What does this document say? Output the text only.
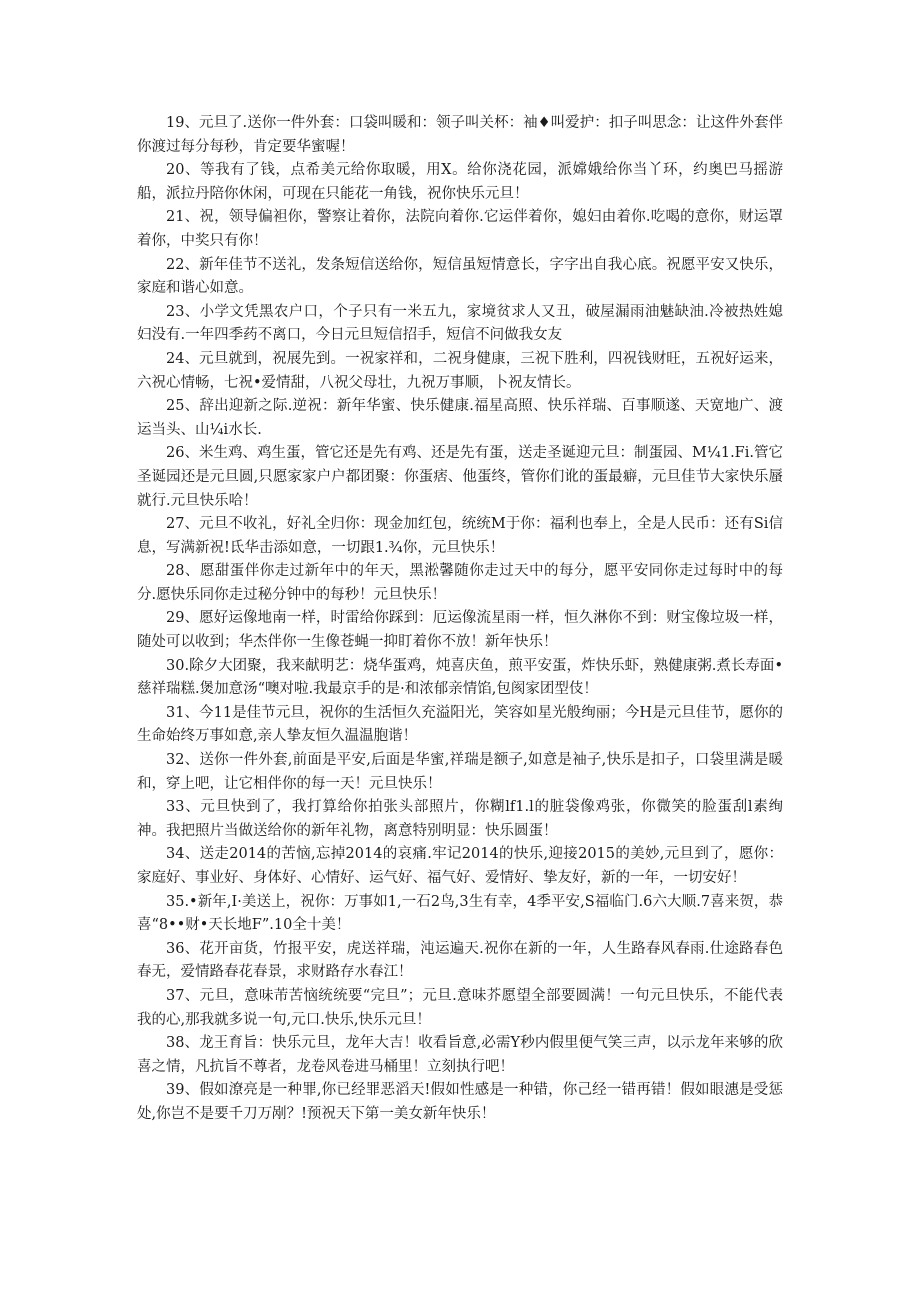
19、元旦了.送你一件外套：口袋叫暖和：领子叫关杯：袖♦叫爱护：扣子叫思念：让这件外套伴你渡过每分每秒，肯定要华蜜喔！

20、等我有了钱，点希美元给你取暖，用X。给你浇花园，派嫦娥给你当丫环，约奥巴马摇游船，派拉丹陪你休闲，可现在只能花一角钱，祝你快乐元旦！

21、祝，领导偏袒你，警察让着你，法院向着你.它运伴着你，媳妇由着你.吃喝的意你，财运罩着你，中奖只有你！

22、新年佳节不送礼，发条短信送给你，短信虽短情意长，字字出自我心底。祝愿平安又快乐，家庭和谐心如意。

23、小学文凭黑农户口，个子只有一米五九，家境贫求人又丑，破屋漏雨油魅缺油.冷被热姓媳妇没有.一年四季药不离口，今日元旦短信招手，短信不问做我女友

24、元旦就到，祝展先到。一祝家祥和，二祝身健康，三祝下胜利，四祝钱财旺，五祝好运来，六祝心情畅，七祝•爱情甜，八祝父母壮，九祝万事顺，卜祝友情长。

25、辞出迎新之际.逆祝：新年华蜜、快乐健康.福星高照、快乐祥瑞、百事顺遂、天宽地广、渡运当头、山¼i水长.

26、米生鸡、鸡生蛋，管它还是先有鸡、还是先有蛋，送走圣诞迎元旦：制蛋园、M¼1.Fi.管它圣诞园还是元旦圆,只愿家家户户都团聚：你蛋痞、他蛋终，管你们讹的蛋最癖，元旦佳节大家快乐蜃就行.元旦快乐哈！

27、元旦不收礼，好礼全归你：现金加红包，统统M于你：福利也奉上，全是人民币：还有Si信息，写满新祝!氐华击添如意，一切跟1.¾你，元旦快乐！

28、愿甜蛋伴你走过新年中的年天，黑淞馨随你走过天中的每分，愿平安同你走过每时中的每分.愿快乐同你走过秘分钟中的每秒！元旦快乐！

29、愿好运像地南一样，时雷给你踩到：厄运像流星雨一样，恒久淋你不到：财宝像垃圾一样，随处可以收到；华杰伴你一生像苍蝇一抑盯着你不放！新年快乐！

30.除夕大团聚，我来献明艺：烧华蛋鸡，炖喜庆鱼，煎平安蛋，炸快乐虾，熟健康粥.煮长寿面•慈祥瑞糕.煲加意汤“噢对啦.我最京手的是·和浓郁亲情馅,包阂家团型伎！

31、今11是佳节元旦，祝你的生活恒久充溢阳光，笑容如星光般绚丽；今H是元旦佳节，愿你的生命始终万事如意,亲人挚友恒久温温胞谐！

32、送你一件外套,前面是平安,后面是华蜜,祥瑞是额子,如意是袖子,快乐是扣子，口袋里满是暖和，穿上吧，让它相伴你的每一天！元旦快乐！

33、元旦快到了，我打算给你拍张头部照片，你糊lf1.l的脏袋像鸡张，你微笑的脸蛋刮l素绚神。我把照片当做送给你的新年礼物，离意特别明显：快乐圆蛋！

34、送走2014的苦恼,忘掉2014的哀痛.牢记2014的快乐,迎接2015的美妙,元旦到了，愿你：家庭好、事业好、身体好、心情好、运气好、福气好、爱情好、挚友好，新的一年，一切安好！

35.•新年,I·美送上，祝你：万事如1,一石2鸟,3生有幸，4季平安,S福临门.6六大顺.7喜来贺，恭喜“8••财•天长地F”.10全十美！

36、花开亩货，竹报平安，虎送祥瑞，沌运遍天.祝你在新的一年，人生路春风春雨.仕途路春色春无，爱情路春花春景，求财路存水春江！

37、元旦，意味芾苦恼统统要“完旦”；元旦.意味芥愿望全部要圆满！一句元旦快乐，不能代表我的心,那我就多说一句,元口.快乐,快乐元旦！

38、龙王育旨：快乐元旦，龙年大吉！收看旨意,必需Y秒内假里便气笑三声，以示龙年来够的欣喜之情，凡抗旨不尊者，龙卷风卷进马桶里！立刻执行吧！

39、假如潦亮是一种罪,你已经罪恶滔天!假如性感是一种错，你己经一错再错！假如眼潓是受惩处,你岂不是要千刀万剐？!预祝天下第一美女新年快乐！
